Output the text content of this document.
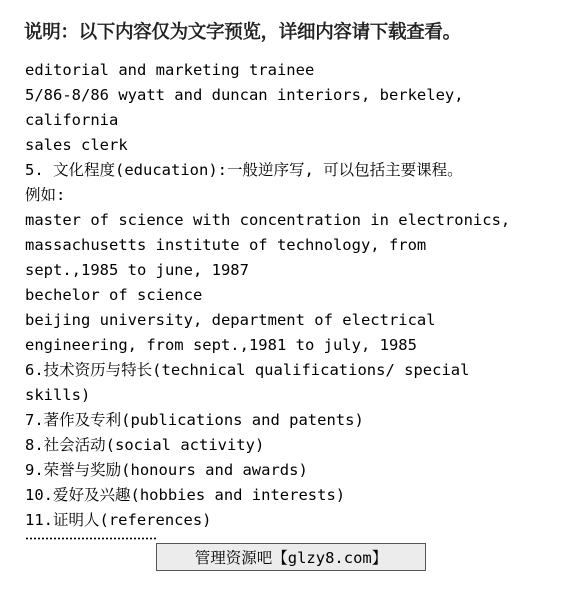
说明：以下内容仅为文字预览，详细内容请下载查看。
editorial and marketing trainee
5/86-8/86 wyatt and duncan interiors, berkeley,
california
sales clerk
5. 文化程度(education):一般逆序写, 可以包括主要课程。
例如:
master of science with concentration in electronics,
massachusetts institute of technology, from
sept.,1985 to june, 1987
bechelor of science
beijing university, department of electrical
engineering, from sept.,1981 to july, 1985
6.技术资历与特长(technical qualifications/ special
skills)
7.著作及专利(publications and patents)
8.社会活动(social activity)
9.荣誉与奖励(honours and awards)
10.爱好及兴趣(hobbies and interests)
11.证明人(references)
管理资源吧【glzy8.com】
